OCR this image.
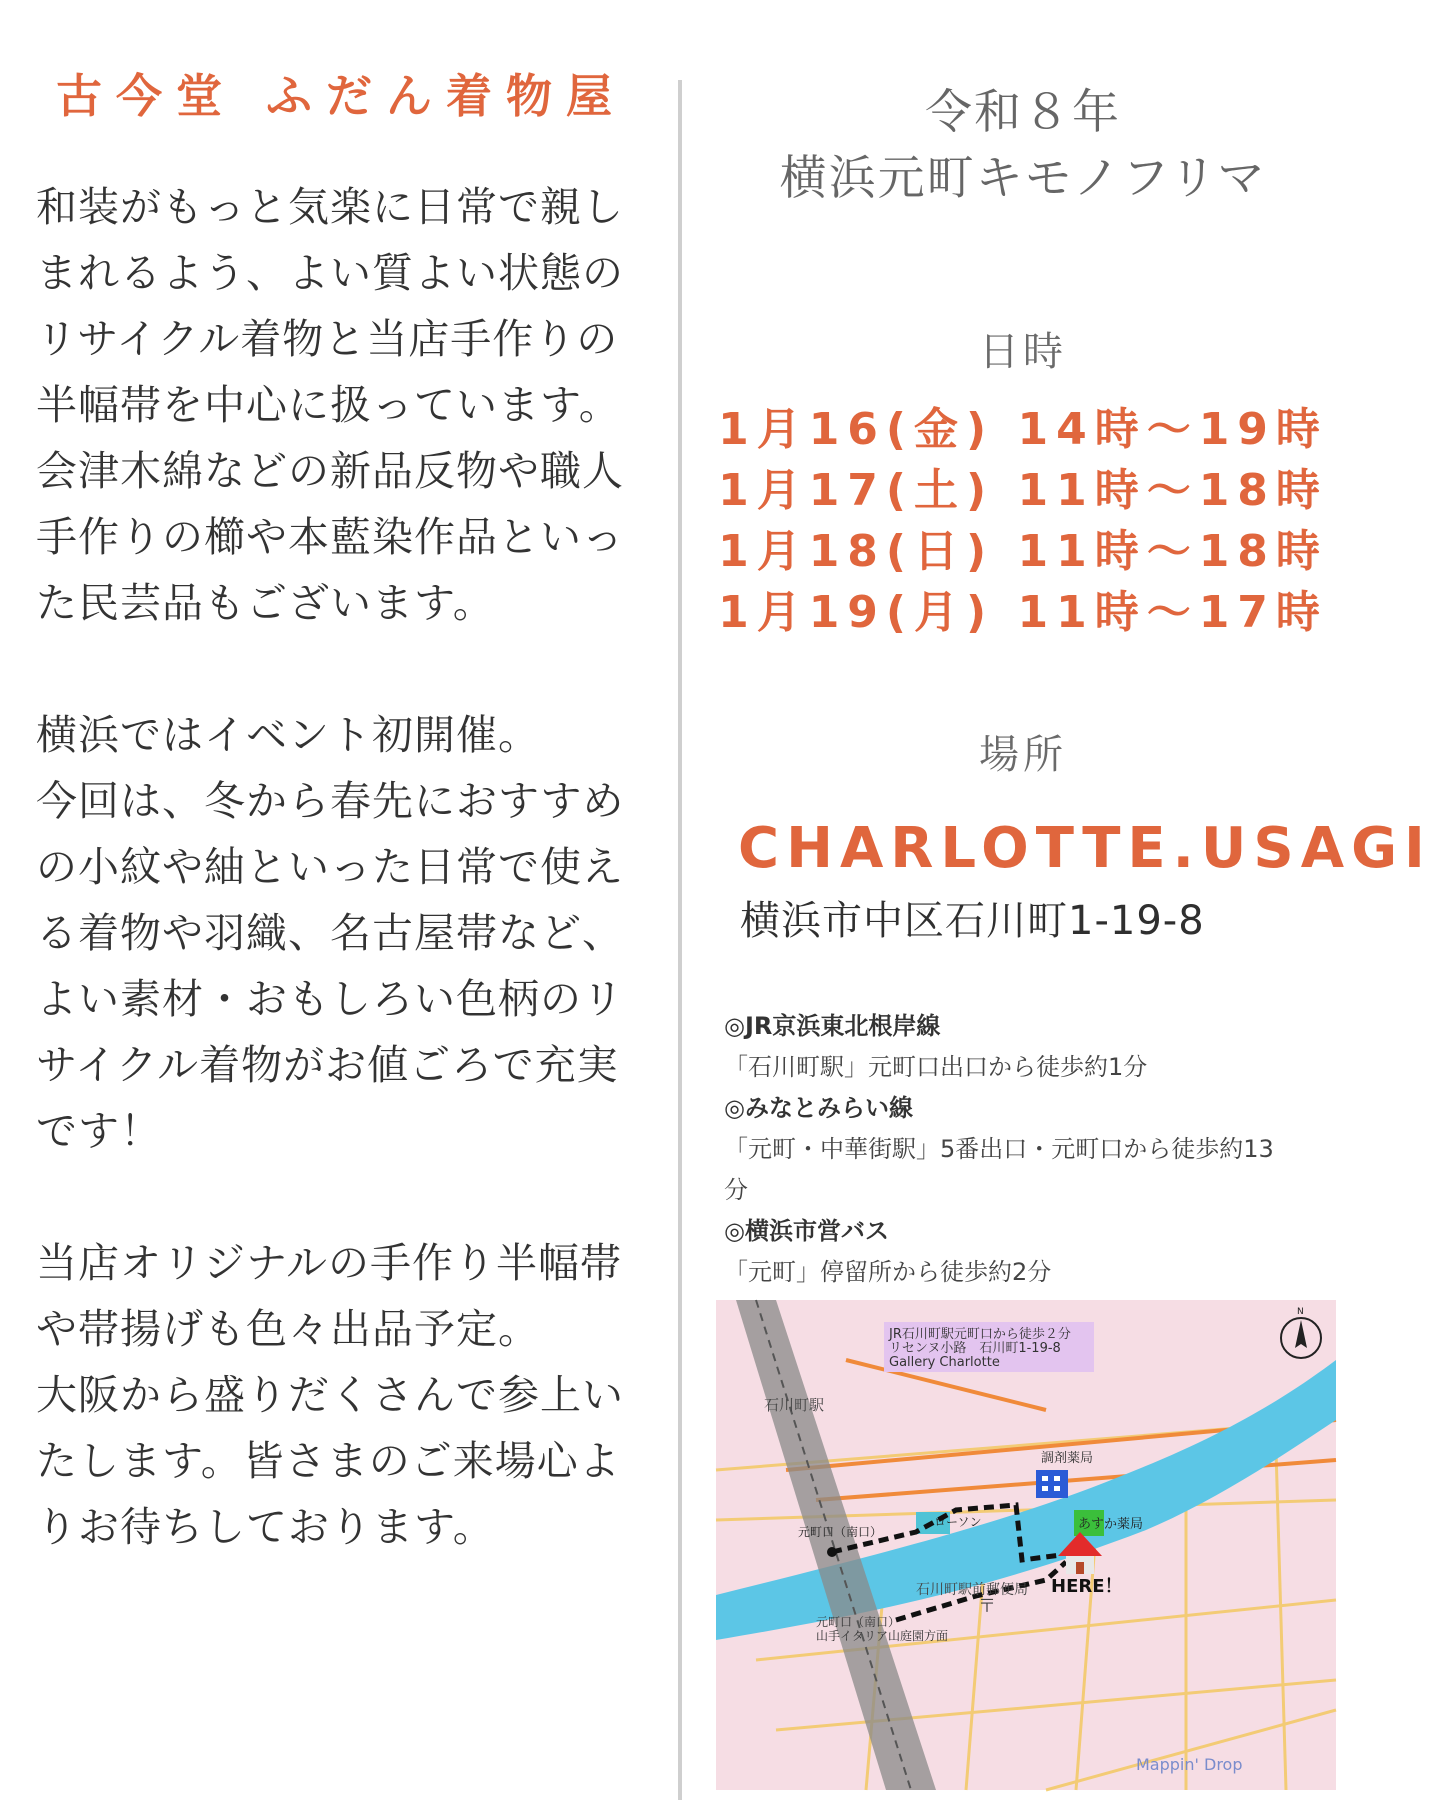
古今堂 ふだん着物屋

和装がもっと気楽に日常で親し

まれるよう、よい質よい状態の

リサイクル着物と当店手作りの

半幅帯を中心に扱っています。

会津木綿などの新品反物や職人

手作りの櫛や本藍染作品といっ

た民芸品もございます。

横浜ではイベント初開催。

今回は、冬から春先におすすめ

の小紋や紬といった日常で使え

る着物や羽織、名古屋帯など、

よい素材・おもしろい色柄のリ

サイクル着物がお値ごろで充実

です！

当店オリジナルの手作り半幅帯

や帯揚げも色々出品予定。

大阪から盛りだくさんで参上い

たします。皆さまのご来場心よ

りお待ちしております。

令和８年
横浜元町キモノフリマ
日時
1月16(金) 14時～19時
1月17(土) 11時～18時
1月18(日) 11時～18時
1月19(月) 11時～17時
場所
CHARLOTTE.USAGI
横浜市中区石川町1-19-8
◎JR京浜東北根岸線
「石川町駅」元町口出口から徒歩約1分
◎みなとみらい線
「元町・中華街駅」5番出口・元町口から徒歩約13
分
◎横浜市営バス
「元町」停留所から徒歩約2分
JR石川町駅元町口から徒歩２分
リセンヌ小路　石川町1-19-8
Gallery Charlotte
N
石川町駅
調剤薬局
あすか薬局
元町口（南口）
ローソン
石川町駅前郵便局 HERE！
〒
元町口（南口）
山手イタリア山庭園方面
Mappin' Drop
